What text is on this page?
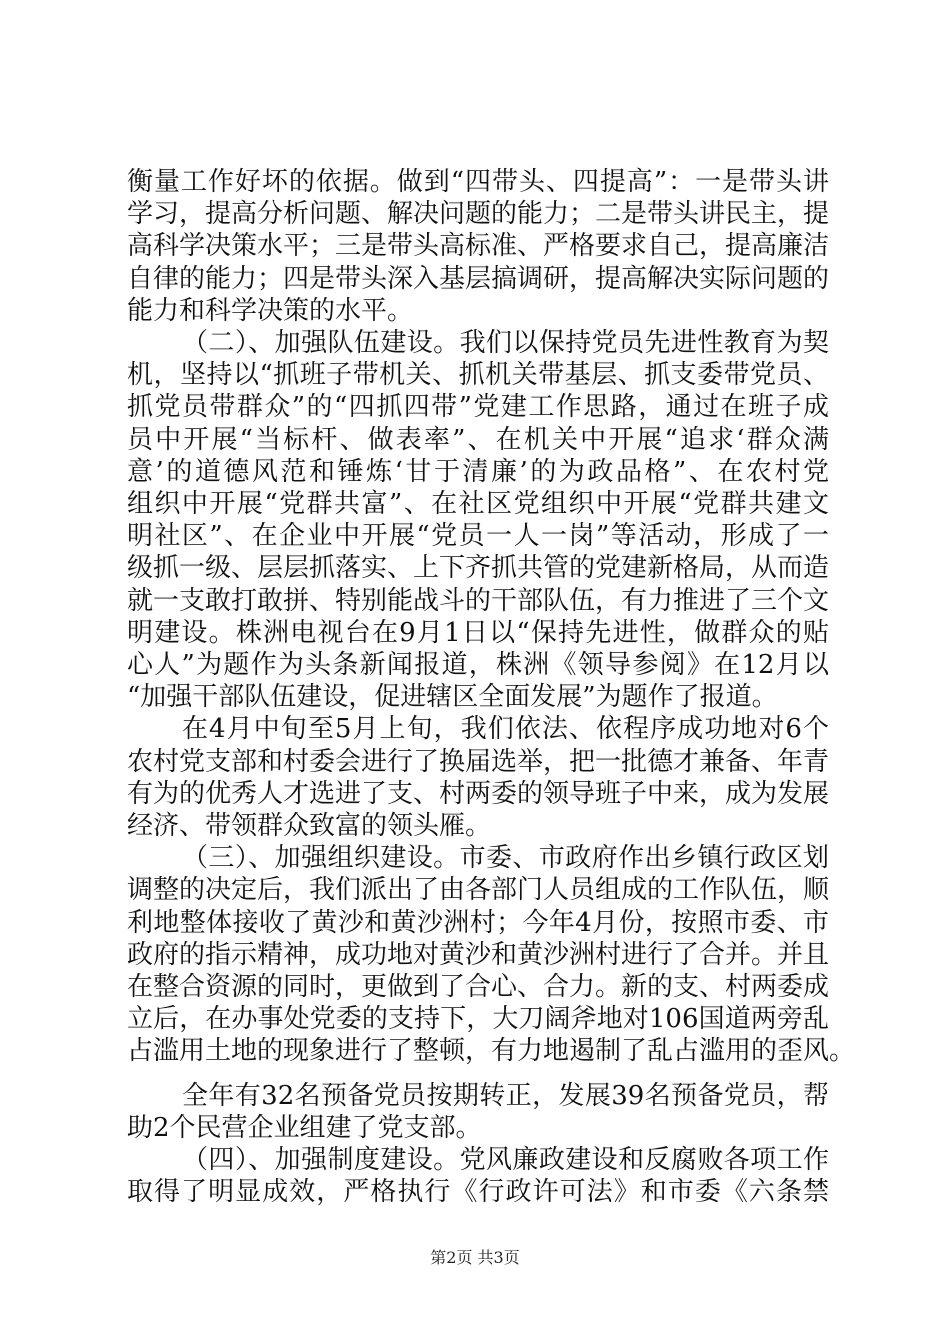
衡量工作好坏的依据。做到“四带头、四提高”：一是带头讲
学习，提高分析问题、解决问题的能力；二是带头讲民主，提
高科学决策水平；三是带头高标准、严格要求自己，提高廉洁
自律的能力；四是带头深入基层搞调研，提高解决实际问题的
能力和科学决策的水平。
（二）、加强队伍建设。我们以保持党员先进性教育为契
机，坚持以“抓班子带机关、抓机关带基层、抓支委带党员、
抓党员带群众”的“四抓四带”党建工作思路，通过在班子成
员中开展“当标杆、做表率”、在机关中开展“追求‘群众满
意’的道德风范和锤炼‘甘于清廉’的为政品格”、在农村党
组织中开展“党群共富”、在社区党组织中开展“党群共建文
明社区”、在企业中开展“党员一人一岗”等活动，形成了一
级抓一级、层层抓落实、上下齐抓共管的党建新格局，从而造
就一支敢打敢拼、特别能战斗的干部队伍，有力推进了三个文
明建设。株洲电视台在9月1日以“保持先进性，做群众的贴
心人”为题作为头条新闻报道，株洲《领导参阅》在12月以
“加强干部队伍建设，促进辖区全面发展”为题作了报道。
在4月中旬至5月上旬，我们依法、依程序成功地对6个
农村党支部和村委会进行了换届选举，把一批德才兼备、年青
有为的优秀人才选进了支、村两委的领导班子中来，成为发展
经济、带领群众致富的领头雁。
（三）、加强组织建设。市委、市政府作出乡镇行政区划
调整的决定后，我们派出了由各部门人员组成的工作队伍，顺
利地整体接收了黄沙和黄沙洲村；今年4月份，按照市委、市
政府的指示精神，成功地对黄沙和黄沙洲村进行了合并。并且
在整合资源的同时，更做到了合心、合力。新的支、村两委成
立后，在办事处党委的支持下，大刀阔斧地对106国道两旁乱
占滥用土地的现象进行了整顿，有力地遏制了乱占滥用的歪风。
全年有32名预备党员按期转正，发展39名预备党员，帮
助2个民营企业组建了党支部。
（四）、加强制度建设。党风廉政建设和反腐败各项工作
取得了明显成效，严格执行《行政许可法》和市委《六条禁
第2页 共3页
